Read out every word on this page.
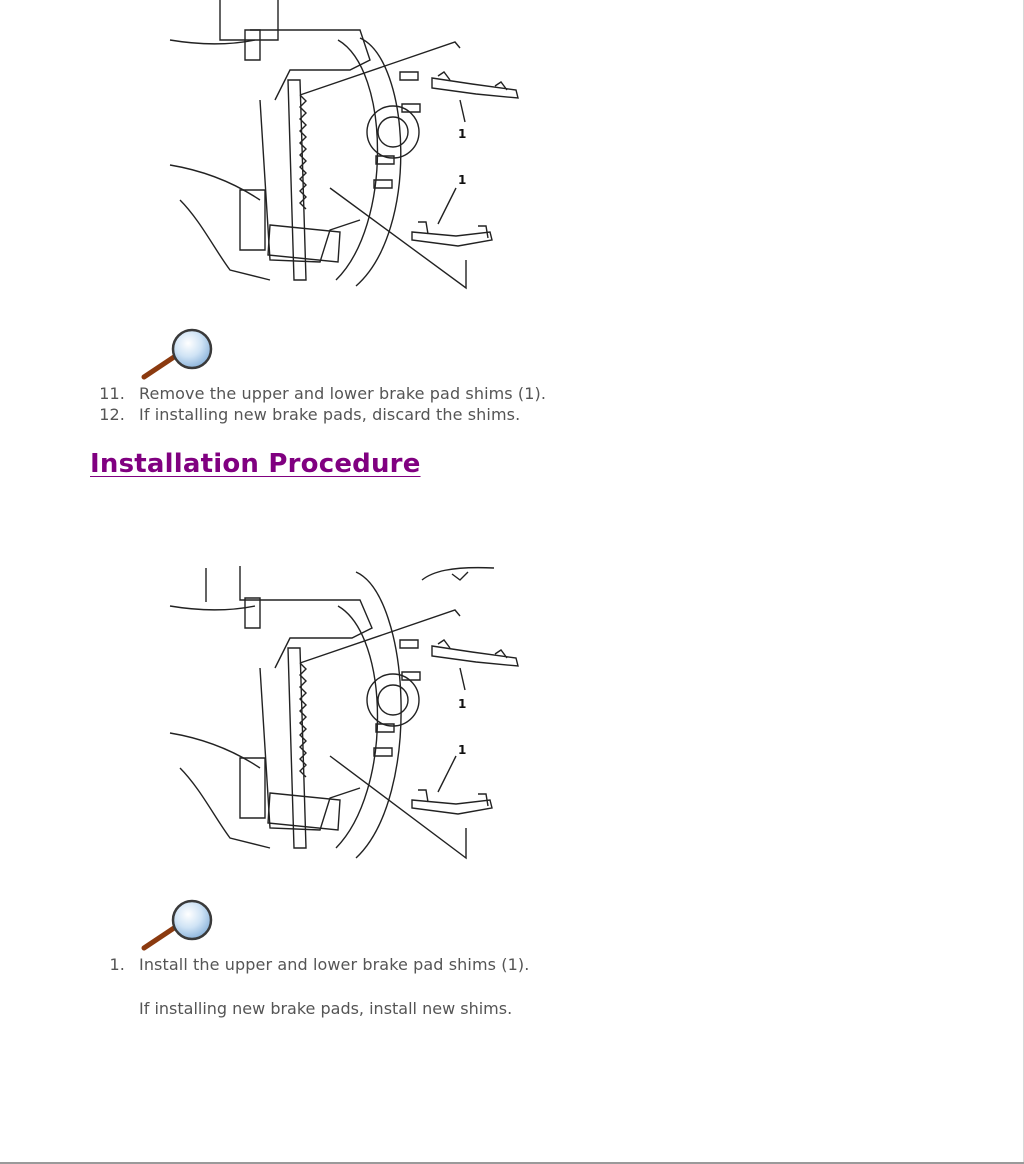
1
1
11. Remove the upper and lower brake pad shims (1).
12. If installing new brake pads, discard the shims.
Installation Procedure
1
1
1. Install the upper and lower brake pad shims (1).
If installing new brake pads, install new shims.
